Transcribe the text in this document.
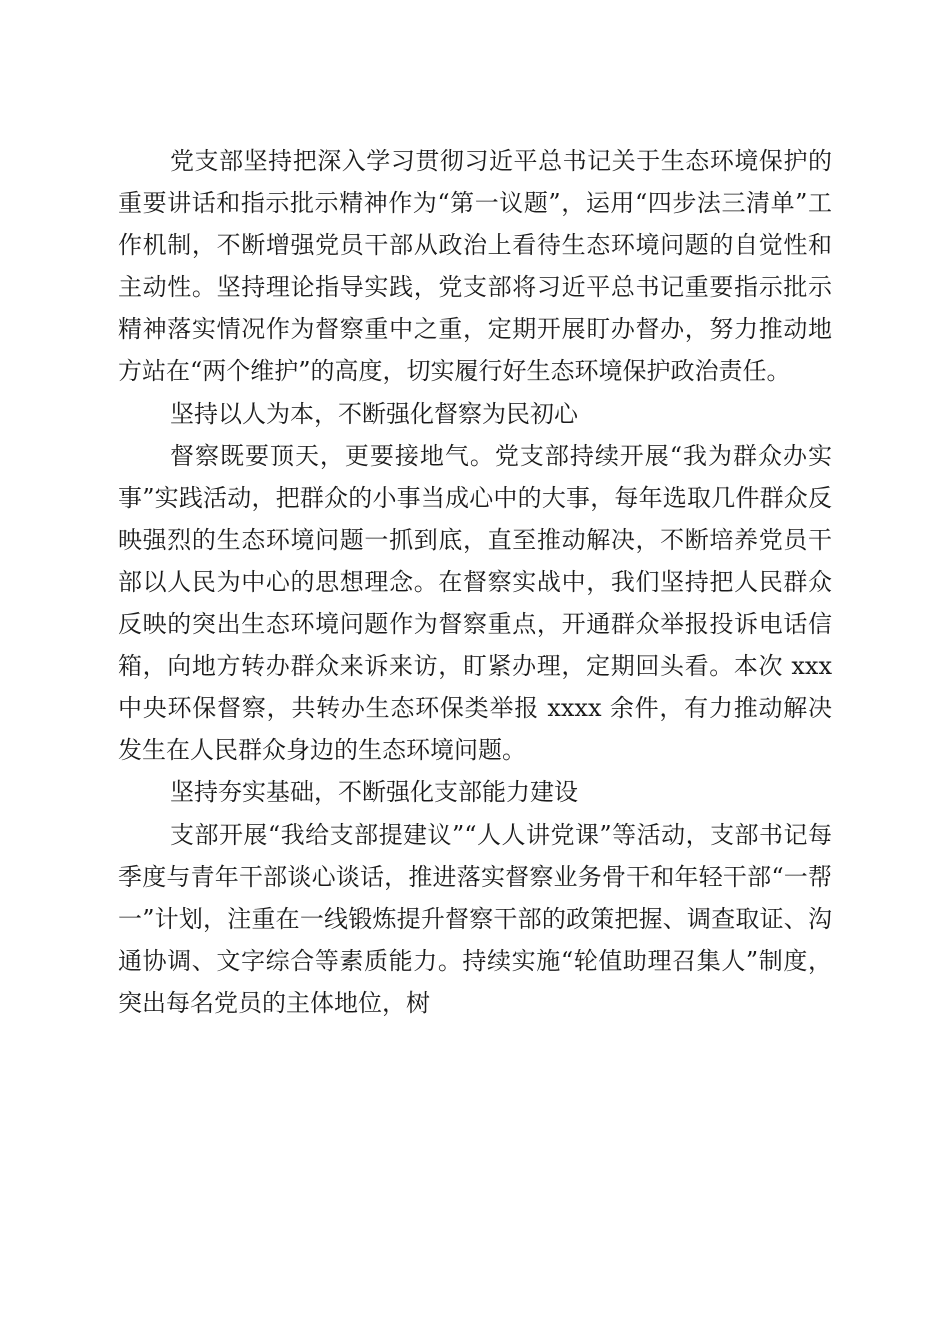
党支部坚持把深入学习贯彻习近平总书记关于生态环境保护的重要讲话和指示批示精神作为“第一议题”，运用“四步法三清单”工作机制，不断增强党员干部从政治上看待生态环境问题的自觉性和主动性。坚持理论指导实践，党支部将习近平总书记重要指示批示精神落实情况作为督察重中之重，定期开展盯办督办，努力推动地方站在“两个维护”的高度，切实履行好生态环境保护政治责任。

坚持以人为本，不断强化督察为民初心

督察既要顶天，更要接地气。党支部持续开展“我为群众办实事”实践活动，把群众的小事当成心中的大事，每年选取几件群众反映强烈的生态环境问题一抓到底，直至推动解决，不断培养党员干部以人民为中心的思想理念。在督察实战中，我们坚持把人民群众反映的突出生态环境问题作为督察重点，开通群众举报投诉电话信箱，向地方转办群众来诉来访，盯紧办理，定期回头看。本次 xxx 中央环保督察，共转办生态环保类举报 xxxx 余件，有力推动解决发生在人民群众身边的生态环境问题。

坚持夯实基础，不断强化支部能力建设

支部开展“我给支部提建议”“人人讲党课”等活动，支部书记每季度与青年干部谈心谈话，推进落实督察业务骨干和年轻干部“一帮一”计划，注重在一线锻炼提升督察干部的政策把握、调查取证、沟通协调、文字综合等素质能力。持续实施“轮值助理召集人”制度，突出每名党员的主体地位，树
